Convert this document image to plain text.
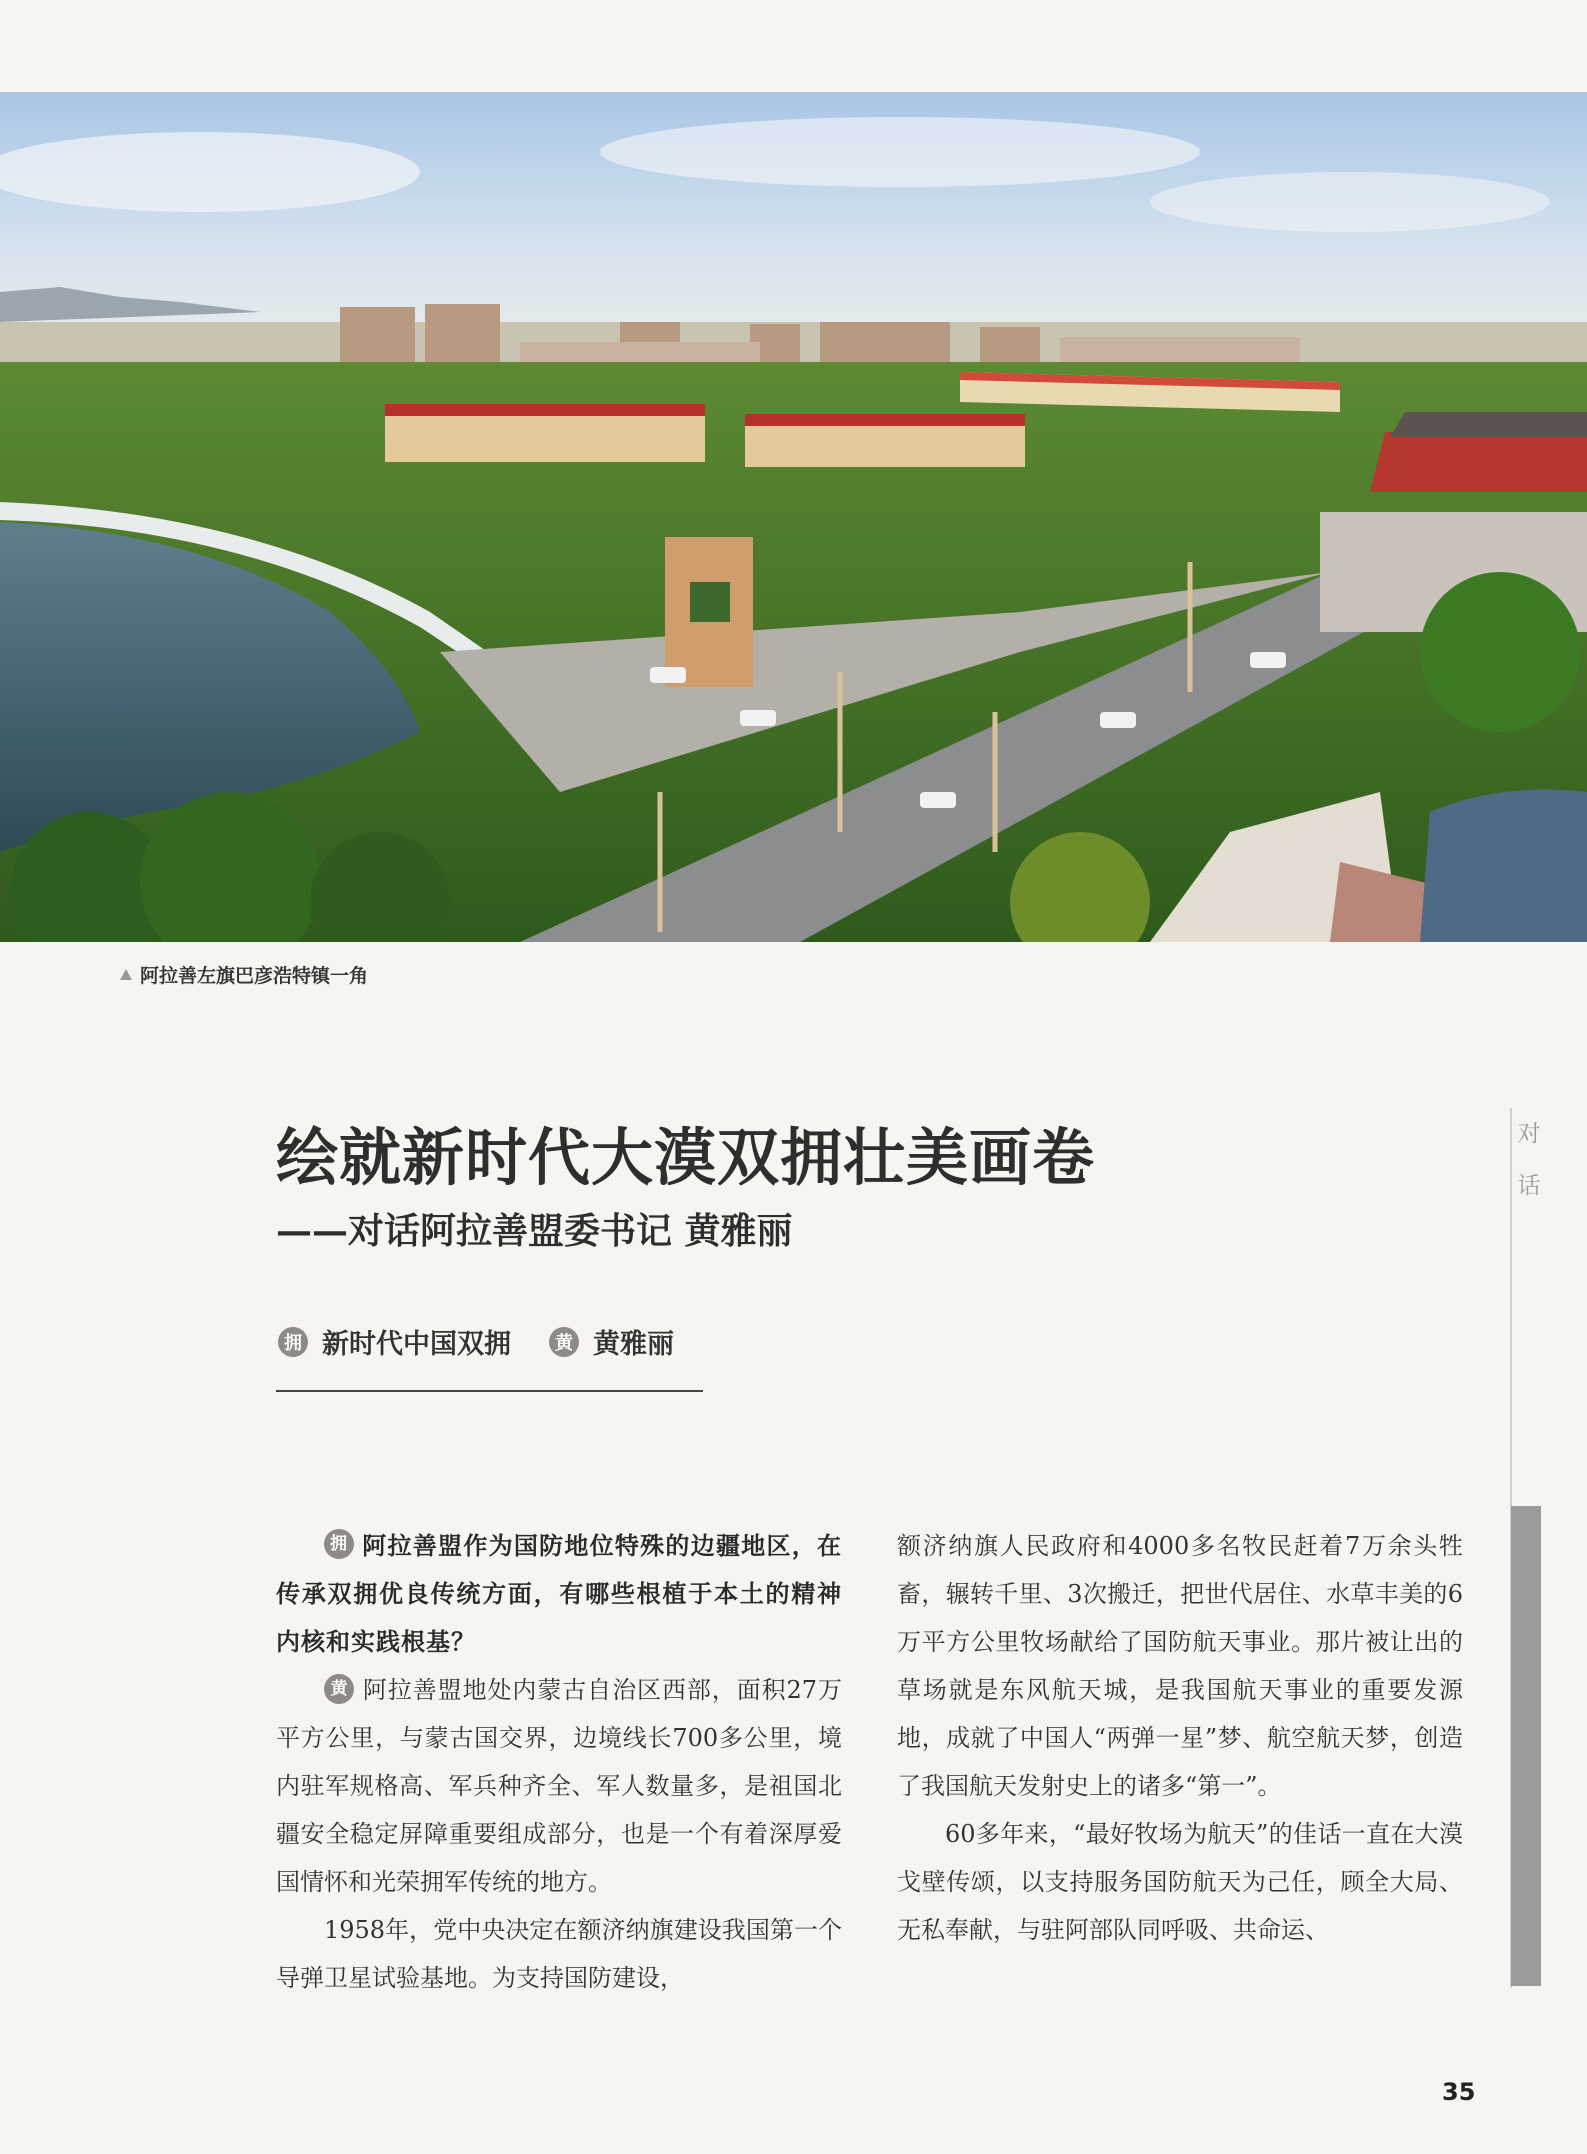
阿拉善左旗巴彦浩特镇一角
对
话
绘就新时代大漠双拥壮美画卷
——对话阿拉善盟委书记 黄雅丽
拥 新时代中国双拥	黄 黄雅丽

拥 阿拉善盟作为国防地位特殊的边疆地区，在传承双拥优良传统方面，有哪些根植于本土的精神内核和实践根基？

黄 阿拉善盟地处内蒙古自治区西部，面积27万平方公里，与蒙古国交界，边境线长700多公里，境内驻军规格高、军兵种齐全、军人数量多，是祖国北疆安全稳定屏障重要组成部分，也是一个有着深厚爱国情怀和光荣拥军传统的地方。

1958年，党中央决定在额济纳旗建设我国第一个导弹卫星试验基地。为支持国防建设，

额济纳旗人民政府和4000多名牧民赶着7万余头牲畜，辗转千里、3次搬迁，把世代居住、水草丰美的6万平方公里牧场献给了国防航天事业。那片被让出的草场就是东风航天城，是我国航天事业的重要发源地，成就了中国人“两弹一星”梦、航空航天梦，创造了我国航天发射史上的诸多“第一”。

60多年来，“最好牧场为航天”的佳话一直在大漠戈壁传颂，以支持服务国防航天为己任，顾全大局、无私奉献，与驻阿部队同呼吸、共命运、

35
